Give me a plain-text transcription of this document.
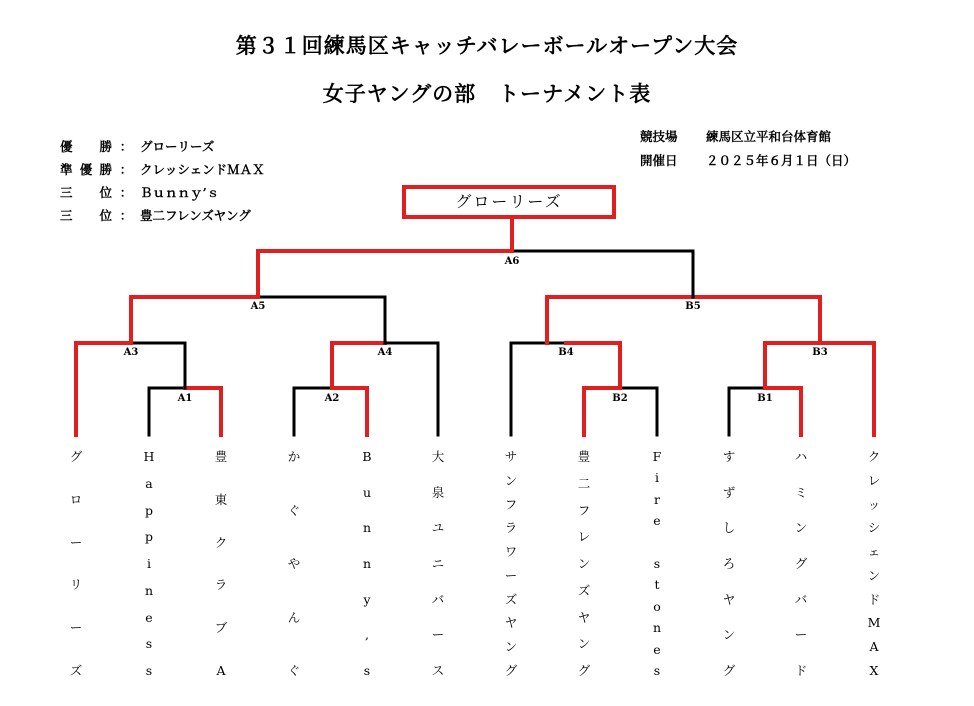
第３１回練馬区キャッチバレーボールオープン大会
女子ヤングの部　トーナメント表
優勝 ： グローリーズ
準優勝 ： クレッシェンドＭＡＸ
三位 ： Ｂｕｎｎｙ’ｓ
三位 ： 豊二フレンズヤング
競技場 練馬区立平和台体育館
開催日 ２０２５年６月１日（日）
グローリーズ
A1	A2
A3	A4
A5
A6
B1
B2
B3
B4
B5
グ
ロ
ー
リ
ー
ズ
H
a
p
p
i
n
e
s
s
豊
東
ク
ラ
ブ
A
か
ぐ
や
ん
ぐ
B
u
n
n
y
,
s
大
泉
ユ
ニ
バ
ー
ス
サ
ン
フ
ラ
ワ
ー
ズ
ヤ
ン
グ
豊
二
フ
レ
ン
ズ
ヤ
ン
グ
F
i
r
e

s
t
o
n
e
s
す
ず
し
ろ
ヤ
ン
グ
ハ
ミ
ン
グ
バ
ー
ド
ク
レ
ッ
シ
ェ
ン
ド
M
A
X
